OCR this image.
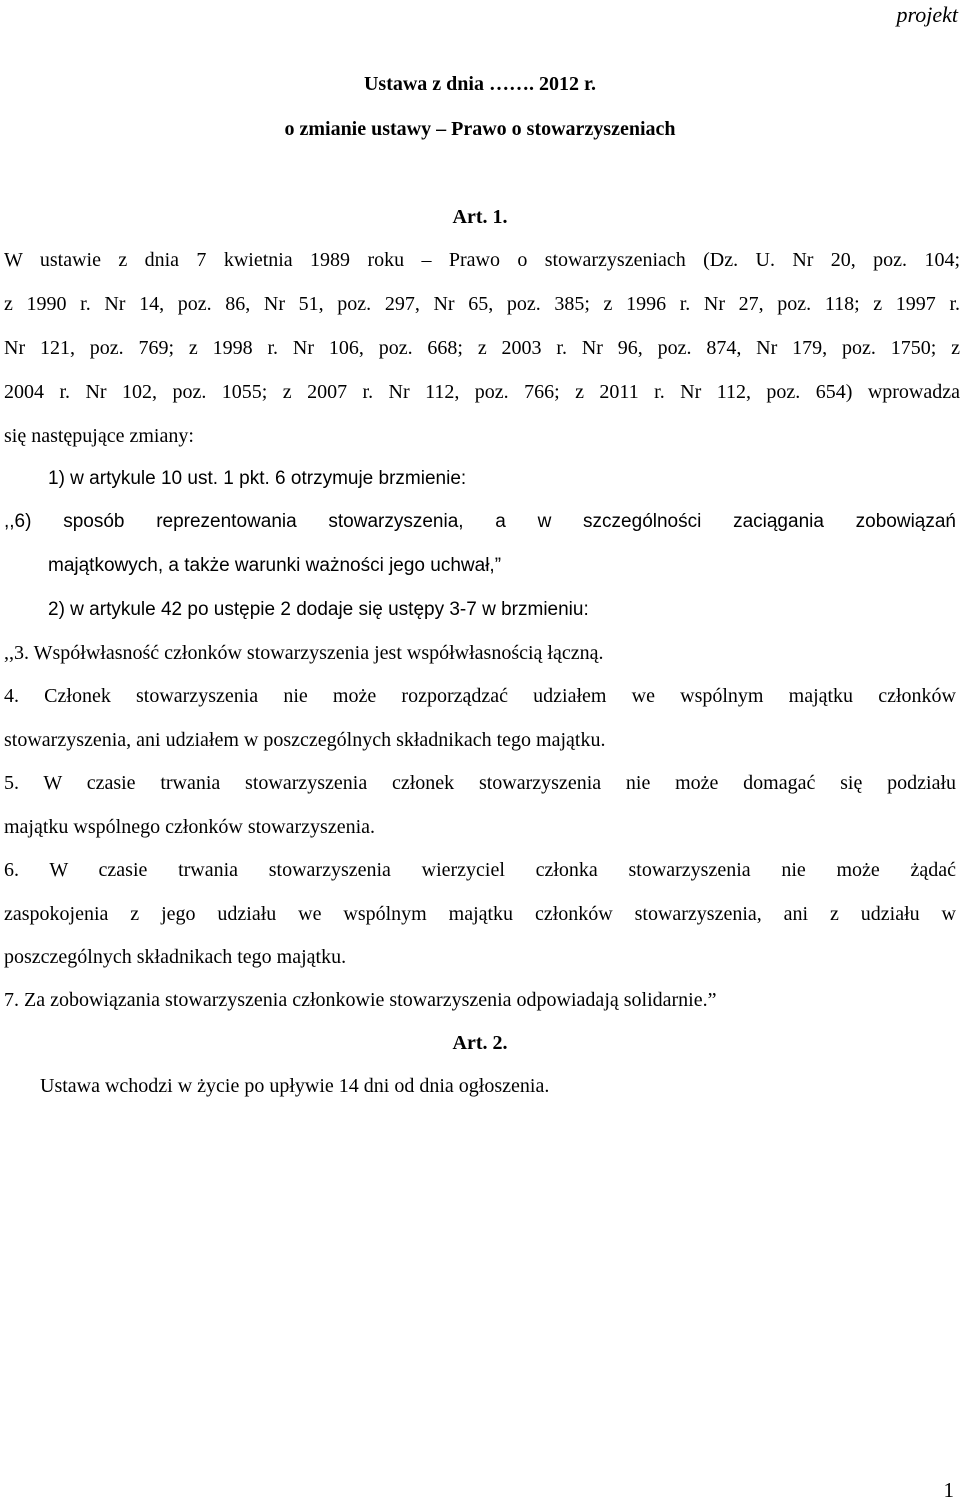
projekt
Ustawa z dnia ……. 2012 r.
o zmianie ustawy – Prawo o stowarzyszeniach
Art. 1.
W ustawie z dnia 7 kwietnia 1989 roku – Prawo o stowarzyszeniach (Dz. U. Nr 20, poz. 104;
z 1990 r. Nr 14, poz. 86, Nr 51, poz. 297, Nr 65, poz. 385; z 1996 r. Nr 27, poz. 118; z 1997 r.
Nr 121, poz. 769; z 1998 r. Nr 106, poz. 668; z 2003 r. Nr 96, poz. 874, Nr 179, poz. 1750; z
2004 r. Nr 102, poz. 1055; z 2007 r. Nr 112, poz. 766; z 2011 r. Nr 112, poz. 654) wprowadza
się następujące zmiany:
1) w artykule 10 ust. 1 pkt. 6 otrzymuje brzmienie:
,,6) sposób reprezentowania stowarzyszenia, a w szczególności zaciągania zobowiązań
majątkowych, a także warunki ważności jego uchwał,”
2) w artykule 42 po ustępie 2 dodaje się ustępy 3-7 w brzmieniu:
,,3. Współwłasność członków stowarzyszenia jest współwłasnością łączną.
4. Członek stowarzyszenia nie może rozporządzać udziałem we wspólnym majątku członków
stowarzyszenia, ani udziałem w poszczególnych składnikach tego majątku.
5. W czasie trwania stowarzyszenia członek stowarzyszenia nie może domagać się podziału
majątku wspólnego członków stowarzyszenia.
6. W czasie trwania stowarzyszenia wierzyciel członka stowarzyszenia nie może żądać
zaspokojenia z jego udziału we wspólnym majątku członków stowarzyszenia, ani z udziału w
poszczególnych składnikach tego majątku.
7. Za zobowiązania stowarzyszenia członkowie stowarzyszenia odpowiadają solidarnie.”
Art. 2.
Ustawa wchodzi w życie po upływie 14 dni od dnia ogłoszenia.
1
